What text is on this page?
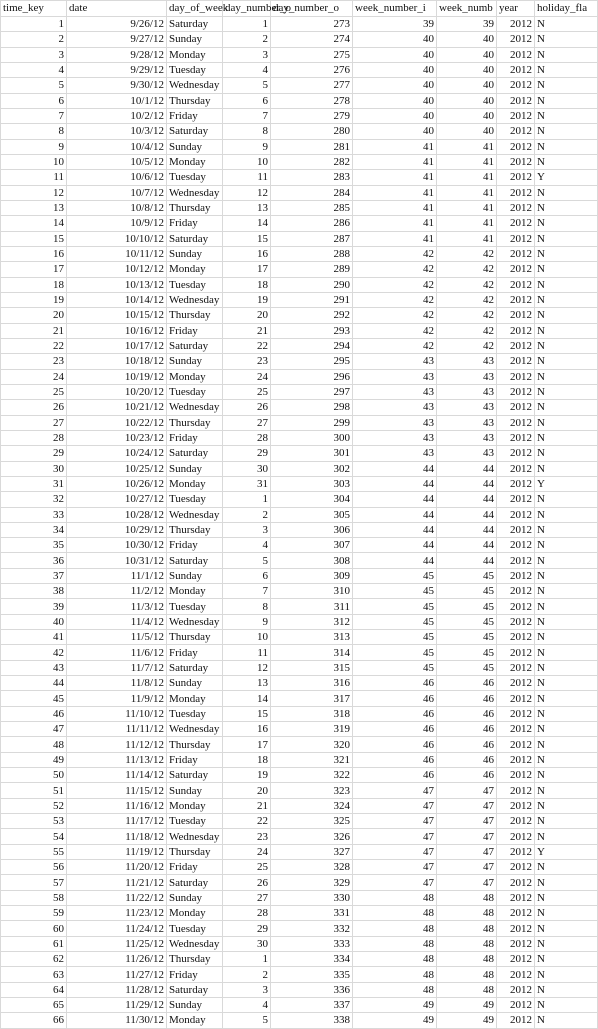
time_key	date	day_of_week	day_number_o	day_number_o	week_number_i	week_numb	year	holiday_fla
1	9/26/12	Saturday	1	273	39	39	2012	N
2	9/27/12	Sunday	2	274	40	40	2012	N
3	9/28/12	Monday	3	275	40	40	2012	N
4	9/29/12	Tuesday	4	276	40	40	2012	N
5	9/30/12	Wednesday	5	277	40	40	2012	N
6	10/1/12	Thursday	6	278	40	40	2012	N
7	10/2/12	Friday	7	279	40	40	2012	N
8	10/3/12	Saturday	8	280	40	40	2012	N
9	10/4/12	Sunday	9	281	41	41	2012	N
10	10/5/12	Monday	10	282	41	41	2012	N
11	10/6/12	Tuesday	11	283	41	41	2012	Y
12	10/7/12	Wednesday	12	284	41	41	2012	N
13	10/8/12	Thursday	13	285	41	41	2012	N
14	10/9/12	Friday	14	286	41	41	2012	N
15	10/10/12	Saturday	15	287	41	41	2012	N
16	10/11/12	Sunday	16	288	42	42	2012	N
17	10/12/12	Monday	17	289	42	42	2012	N
18	10/13/12	Tuesday	18	290	42	42	2012	N
19	10/14/12	Wednesday	19	291	42	42	2012	N
20	10/15/12	Thursday	20	292	42	42	2012	N
21	10/16/12	Friday	21	293	42	42	2012	N
22	10/17/12	Saturday	22	294	42	42	2012	N
23	10/18/12	Sunday	23	295	43	43	2012	N
24	10/19/12	Monday	24	296	43	43	2012	N
25	10/20/12	Tuesday	25	297	43	43	2012	N
26	10/21/12	Wednesday	26	298	43	43	2012	N
27	10/22/12	Thursday	27	299	43	43	2012	N
28	10/23/12	Friday	28	300	43	43	2012	N
29	10/24/12	Saturday	29	301	43	43	2012	N
30	10/25/12	Sunday	30	302	44	44	2012	N
31	10/26/12	Monday	31	303	44	44	2012	Y
32	10/27/12	Tuesday	1	304	44	44	2012	N
33	10/28/12	Wednesday	2	305	44	44	2012	N
34	10/29/12	Thursday	3	306	44	44	2012	N
35	10/30/12	Friday	4	307	44	44	2012	N
36	10/31/12	Saturday	5	308	44	44	2012	N
37	11/1/12	Sunday	6	309	45	45	2012	N
38	11/2/12	Monday	7	310	45	45	2012	N
39	11/3/12	Tuesday	8	311	45	45	2012	N
40	11/4/12	Wednesday	9	312	45	45	2012	N
41	11/5/12	Thursday	10	313	45	45	2012	N
42	11/6/12	Friday	11	314	45	45	2012	N
43	11/7/12	Saturday	12	315	45	45	2012	N
44	11/8/12	Sunday	13	316	46	46	2012	N
45	11/9/12	Monday	14	317	46	46	2012	N
46	11/10/12	Tuesday	15	318	46	46	2012	N
47	11/11/12	Wednesday	16	319	46	46	2012	N
48	11/12/12	Thursday	17	320	46	46	2012	N
49	11/13/12	Friday	18	321	46	46	2012	N
50	11/14/12	Saturday	19	322	46	46	2012	N
51	11/15/12	Sunday	20	323	47	47	2012	N
52	11/16/12	Monday	21	324	47	47	2012	N
53	11/17/12	Tuesday	22	325	47	47	2012	N
54	11/18/12	Wednesday	23	326	47	47	2012	N
55	11/19/12	Thursday	24	327	47	47	2012	Y
56	11/20/12	Friday	25	328	47	47	2012	N
57	11/21/12	Saturday	26	329	47	47	2012	N
58	11/22/12	Sunday	27	330	48	48	2012	N
59	11/23/12	Monday	28	331	48	48	2012	N
60	11/24/12	Tuesday	29	332	48	48	2012	N
61	11/25/12	Wednesday	30	333	48	48	2012	N
62	11/26/12	Thursday	1	334	48	48	2012	N
63	11/27/12	Friday	2	335	48	48	2012	N
64	11/28/12	Saturday	3	336	48	48	2012	N
65	11/29/12	Sunday	4	337	49	49	2012	N
66	11/30/12	Monday	5	338	49	49	2012	N
